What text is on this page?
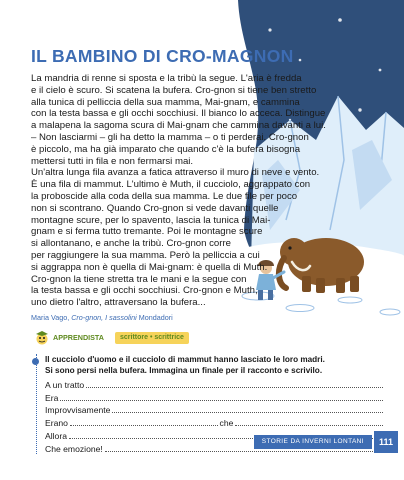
IL BAMBINO DI CRO-MAGNON
La mandria di renne si sposta e la tribù la segue. L'aria è fredda
e il cielo è scuro. Si scatena la bufera. Cro-gnon si tiene ben stretto
alla tunica di pelliccia della sua mamma, Mai-gnam, e cammina
con la testa bassa e gli occhi socchiusi. Il bianco lo acceca. Distingue
a malapena la sagoma scura di Mai-gnam che cammina davanti a lui.
– Non lasciarmi – gli ha detto la mamma – o ti perderai. Cro-gnon
è piccolo, ma ha già imparato che quando c'è la bufera bisogna
mettersi tutti in fila e non fermarsi mai.
Un'altra lunga fila avanza a fatica attraverso il muro di neve e vento.
È una fila di mammut. L'ultimo è Muth, il cucciolo, aggrappato con
la proboscide alla coda della sua mamma. Le due file per poco
non si scontrano. Quando Cro-gnon si vede davanti quelle
montagne scure, per lo spavento, lascia la tunica di Mai-
gnam e si ferma tutto tremante. Poi le montagne scure
si allontanano, e anche la tribù. Cro-gnon corre
per raggiungere la sua mamma. Però la pelliccia a cui
si aggrappa non è quella di Mai-gnam: è quella di Muth.
Cro-gnon la tiene stretta tra le mani e la segue con
la testa bassa e gli occhi socchiusi. Cro-gnon e Muth,
uno dietro l'altro, attraversano la bufera...
Maria Vago, Cro-gnon, I sassolini Mondadori
APPRENDISTA	scrittore • scrittrice
Il cucciolo d'uomo e il cucciolo di mammut hanno lasciato le loro madri.
Si sono persi nella bufera. Immagina un finale per il racconto e scrivilo.
A un tratto
Era
Improvvisamente
Erano	che
Allora
Che emozione!
STORIE DA INVERNI LONTANI	111
